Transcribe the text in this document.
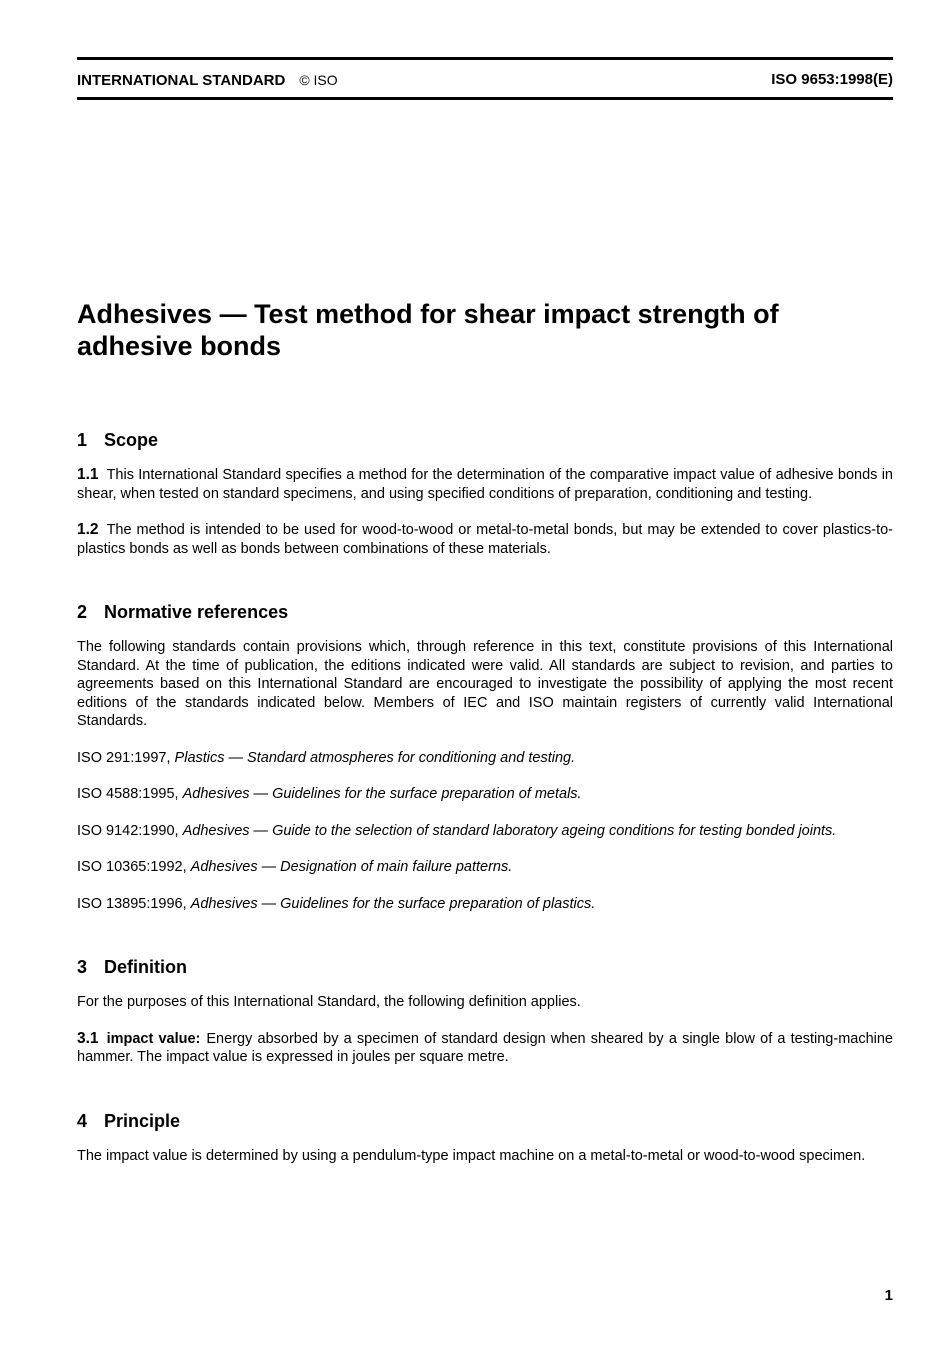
INTERNATIONAL STANDARD © ISO	ISO 9653:1998(E)
Adhesives — Test method for shear impact strength of adhesive bonds
1 Scope

1.1 This International Standard specifies a method for the determination of the comparative impact value of adhesive bonds in shear, when tested on standard specimens, and using specified conditions of preparation, conditioning and testing.

1.2 The method is intended to be used for wood-to-wood or metal-to-metal bonds, but may be extended to cover plastics-to-plastics bonds as well as bonds between combinations of these materials.

2 Normative references

The following standards contain provisions which, through reference in this text, constitute provisions of this International Standard. At the time of publication, the editions indicated were valid. All standards are subject to revision, and parties to agreements based on this International Standard are encouraged to investigate the possibility of applying the most recent editions of the standards indicated below. Members of IEC and ISO maintain registers of currently valid International Standards.

ISO 291:1997, Plastics — Standard atmospheres for conditioning and testing.

ISO 4588:1995, Adhesives — Guidelines for the surface preparation of metals.

ISO 9142:1990, Adhesives — Guide to the selection of standard laboratory ageing conditions for testing bonded joints.

ISO 10365:1992, Adhesives — Designation of main failure patterns.

ISO 13895:1996, Adhesives — Guidelines for the surface preparation of plastics.

3 Definition

For the purposes of this International Standard, the following definition applies.

3.1 impact value: Energy absorbed by a specimen of standard design when sheared by a single blow of a testing-machine hammer. The impact value is expressed in joules per square metre.

4 Principle

The impact value is determined by using a pendulum-type impact machine on a metal-to-metal or wood-to-wood specimen.

1
